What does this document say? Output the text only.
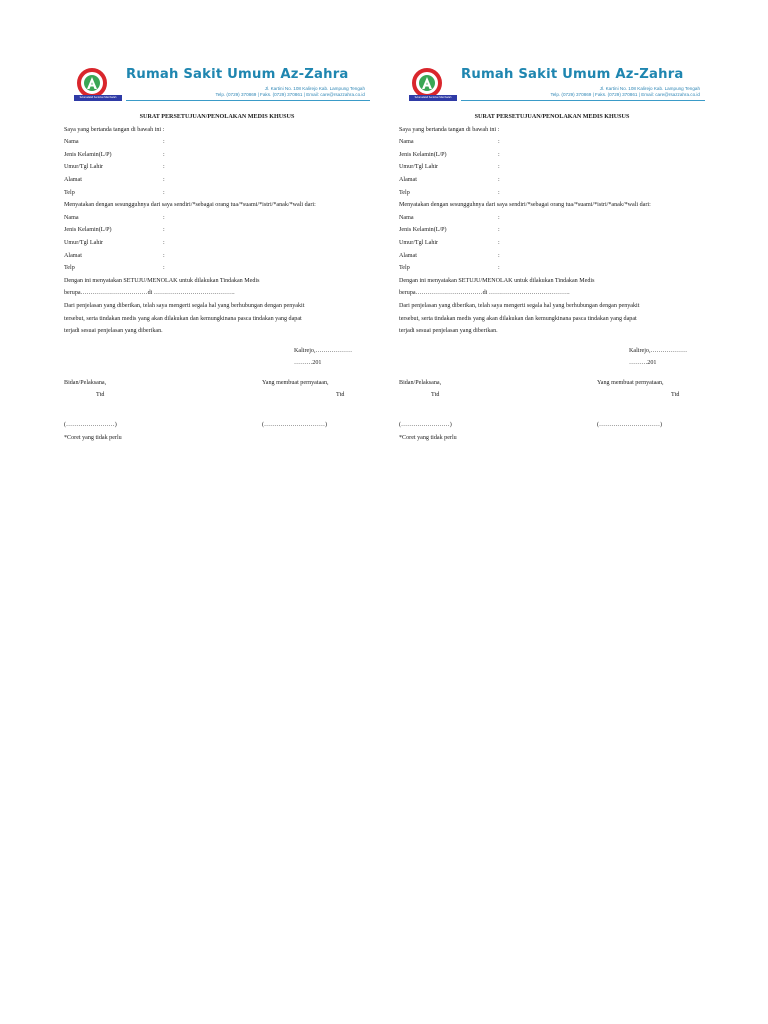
Sehat adalah Sentuhan Nilai Ibadah
Rumah Sakit Umum Az-Zahra
Jl. Kartini No. 108 Kalirejo Kab. Lampung Tengah
Telp. (0729) 370869 | Faks. (0729) 370861 | Email: care@rsazzahra.co.id
SURAT PERSETUJUAN/PENOLAKAN MEDIS KHUSUS
Saya yang bertanda tangan di bawah ini :
Nama	:
Jenis Kelamin(L/P)	:
Umur/Tgl Lahir	:
Alamat	:
Telp	:
Menyatakan dengan sesungguhnya dari saya sendiri/*sebagai orang tua/*suami/*istri/*anak/*wali dari:
Nama	:
Jenis Kelamin(L/P)	:
Umur/Tgl Lahir	:
Alamat	:
Telp	:
Dengan ini menyatakan SETUJU/MENOLAK untuk dilakukan Tindakan Medis
berupa……………………………di ………………………………….
Dari penjelasan yang diberikan, telah saya mengerti segala hal yang berhubungan dengan penyakit
tersebut, serta tindakan medis yang akan dilakukan dan kemungkinana pasca tindakan yang dapat
terjadi sesuai penjelasan yang diberikan.
Kalirejo,………………
………201
Bidan/Pelaksana,	Yang membuat pernyataan,
Ttd	Ttd
(……………………)	(…………………………)
*Coret yang tidak perlu
Sehat adalah Sentuhan Nilai Ibadah
Rumah Sakit Umum Az-Zahra
Jl. Kartini No. 108 Kalirejo Kab. Lampung Tengah
Telp. (0729) 370869 | Faks. (0729) 370861 | Email: care@rsazzahra.co.id
SURAT PERSETUJUAN/PENOLAKAN MEDIS KHUSUS
Saya yang bertanda tangan di bawah ini :
Nama	:
Jenis Kelamin(L/P)	:
Umur/Tgl Lahir	:
Alamat	:
Telp	:
Menyatakan dengan sesungguhnya dari saya sendiri/*sebagai orang tua/*suami/*istri/*anak/*wali dari:
Nama	:
Jenis Kelamin(L/P)	:
Umur/Tgl Lahir	:
Alamat	:
Telp	:
Dengan ini menyatakan SETUJU/MENOLAK untuk dilakukan Tindakan Medis
berupa……………………………di ………………………………….
Dari penjelasan yang diberikan, telah saya mengerti segala hal yang berhubungan dengan penyakit
tersebut, serta tindakan medis yang akan dilakukan dan kemungkinana pasca tindakan yang dapat
terjadi sesuai penjelasan yang diberikan.
Kalirejo,………………
………201
Bidan/Pelaksana,	Yang membuat pernyataan,
Ttd	Ttd
(……………………)	(…………………………)
*Coret yang tidak perlu
